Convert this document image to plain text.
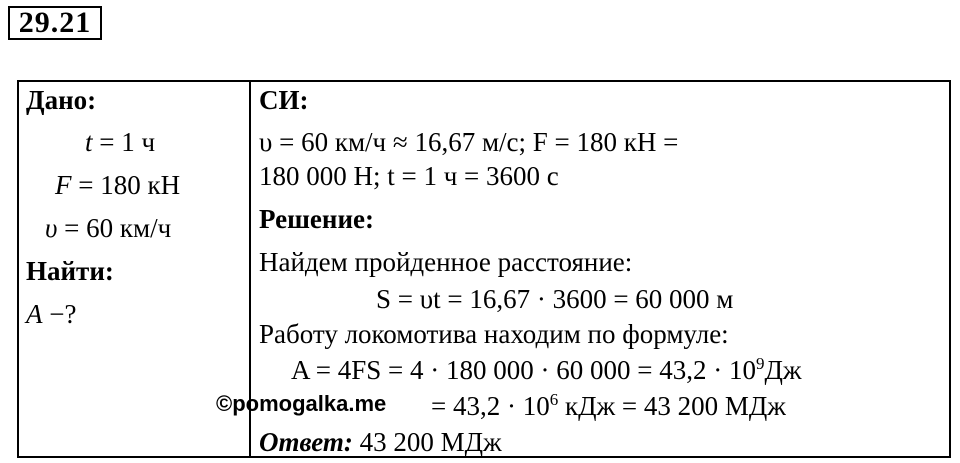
29.21
Дано:
t = 1 ч
F = 180 кН
υ = 60 км/ч
Найти:
A −?
СИ:
υ = 60 км/ч ≈ 16,67 м/с; F = 180 кН =
180 000 Н; t = 1 ч = 3600 с
Решение:
Найдем пройденное расстояние:
S = υt = 16,67 · 3600 = 60 000 м
Работу локомотива находим по формуле:
A = 4FS = 4 · 180 000 · 60 $000 = 43,2 \cdot 10^9Дж$
= $43,2 \cdot 10^6$ кДж = 43 200 МДж
Ответ: 43 200 МДж
©pomogalka.me
